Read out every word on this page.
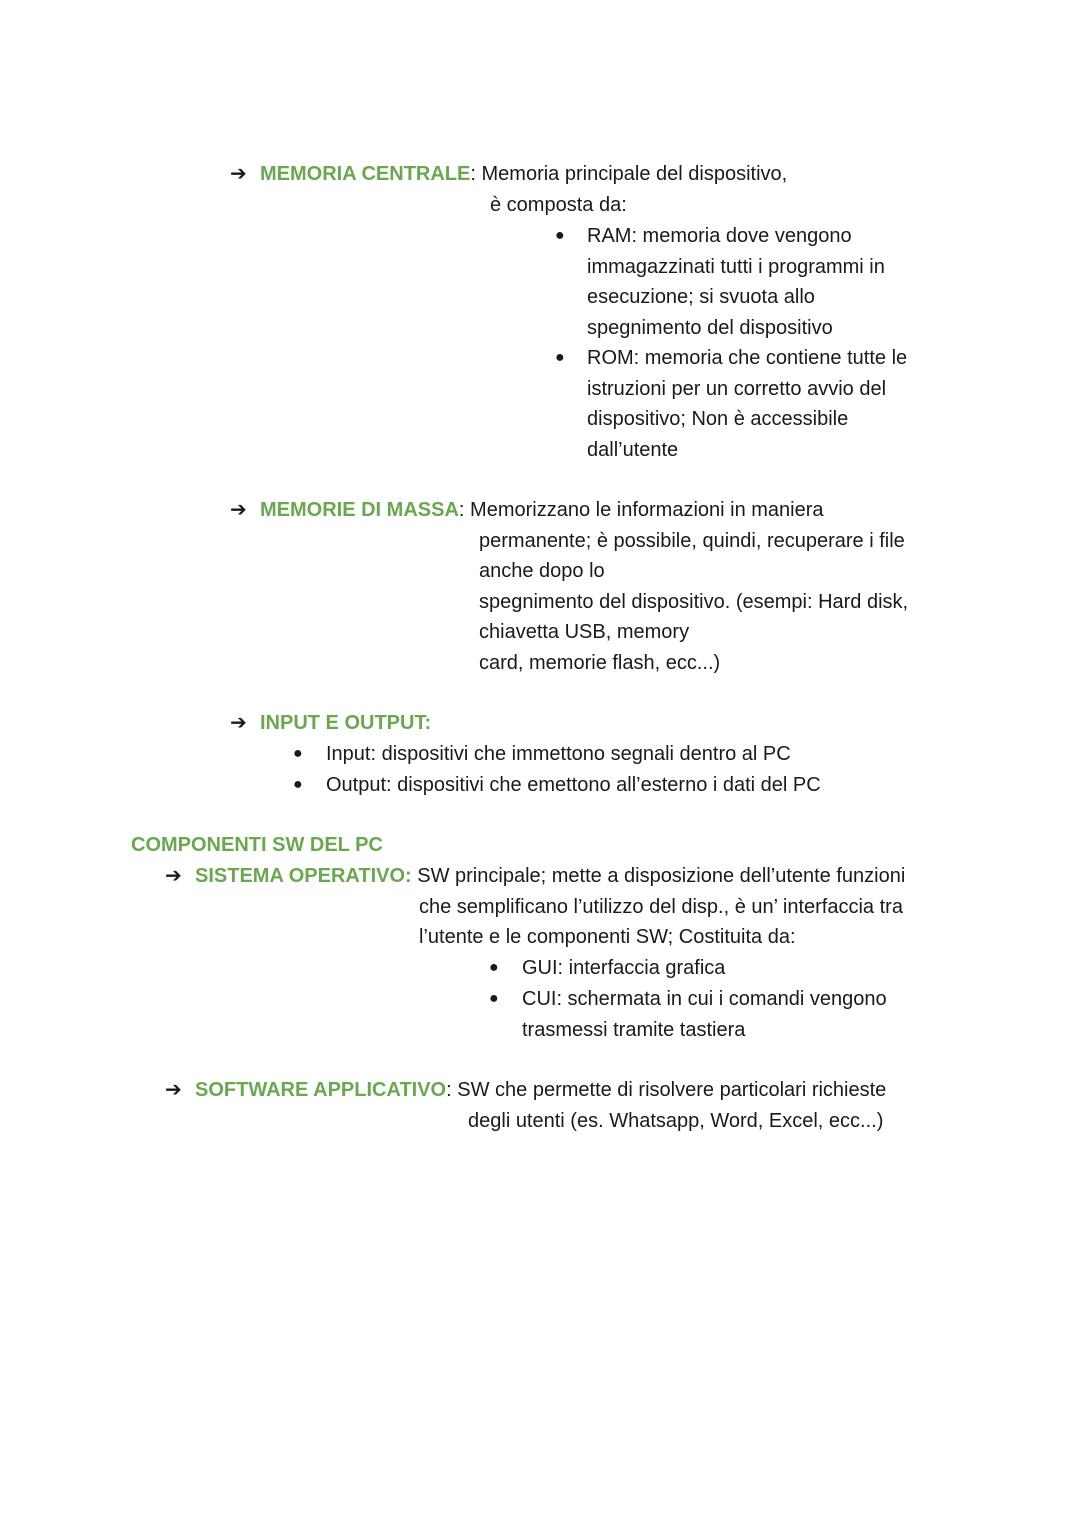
➔ MEMORIA CENTRALE: Memoria principale del dispositivo,
è composta da:
● RAM: memoria dove vengono
immagazzinati tutti i programmi in
esecuzione; si svuota allo
spegnimento del dispositivo
● ROM: memoria che contiene tutte le
istruzioni per un corretto avvio del
dispositivo; Non è accessibile
dall’utente
➔ MEMORIE DI MASSA: Memorizzano le informazioni in maniera
permanente; è possibile, quindi, recuperare i file
anche dopo lo
spegnimento del dispositivo. (esempi: Hard disk,
chiavetta USB, memory
card, memorie flash, ecc...)
➔ INPUT E OUTPUT:
● Input: dispositivi che immettono segnali dentro al PC
● Output: dispositivi che emettono all’esterno i dati del PC
COMPONENTI SW DEL PC
➔ SISTEMA OPERATIVO: SW principale; mette a disposizione dell’utente funzioni
che semplificano l’utilizzo del disp., è un’ interfaccia tra
l’utente e le componenti SW; Costituita da:
● GUI: interfaccia grafica
● CUI: schermata in cui i comandi vengono
trasmessi tramite tastiera
➔ SOFTWARE APPLICATIVO: SW che permette di risolvere particolari richieste
degli utenti (es. Whatsapp, Word, Excel, ecc...)
